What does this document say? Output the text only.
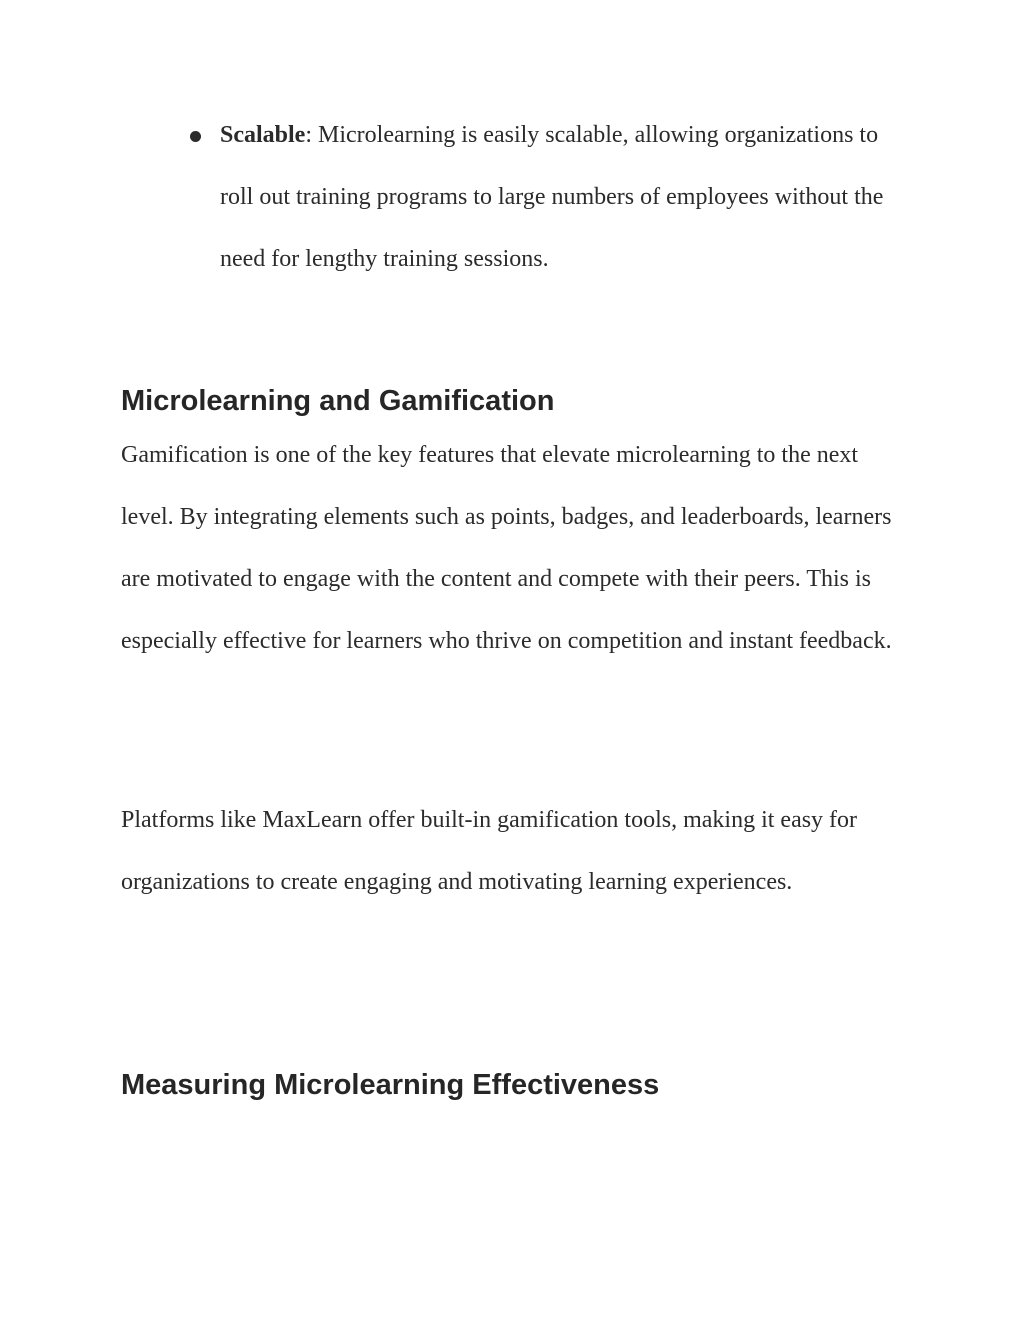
Scalable: Microlearning is easily scalable, allowing organizations to roll out training programs to large numbers of employees without the need for lengthy training sessions.

Microlearning and Gamification

Gamification is one of the key features that elevate microlearning to the next level. By integrating elements such as points, badges, and leaderboards, learners are motivated to engage with the content and compete with their peers. This is especially effective for learners who thrive on competition and instant feedback.

Platforms like MaxLearn offer built-in gamification tools, making it easy for organizations to create engaging and motivating learning experiences.

Measuring Microlearning Effectiveness
